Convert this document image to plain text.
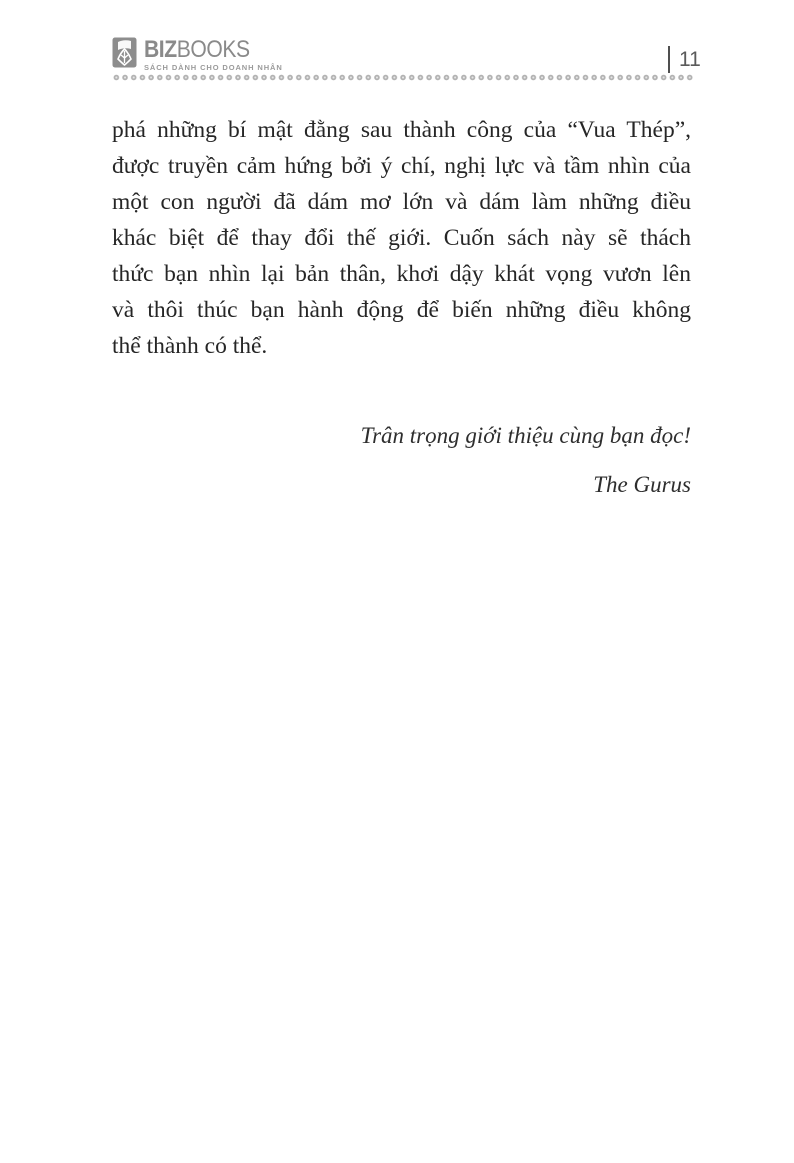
BIZBOOKS
SÁCH DÀNH CHO DOANH NHÂN	11
phá những bí mật đằng sau thành công của “Vua Thép”,
được truyền cảm hứng bởi ý chí, nghị lực và tầm nhìn của
một con người đã dám mơ lớn và dám làm những điều
khác biệt để thay đổi thế giới. Cuốn sách này sẽ thách
thức bạn nhìn lại bản thân, khơi dậy khát vọng vươn lên
và thôi thúc bạn hành động để biến những điều không
thể thành có thể.
Trân trọng giới thiệu cùng bạn đọc!
The Gurus
